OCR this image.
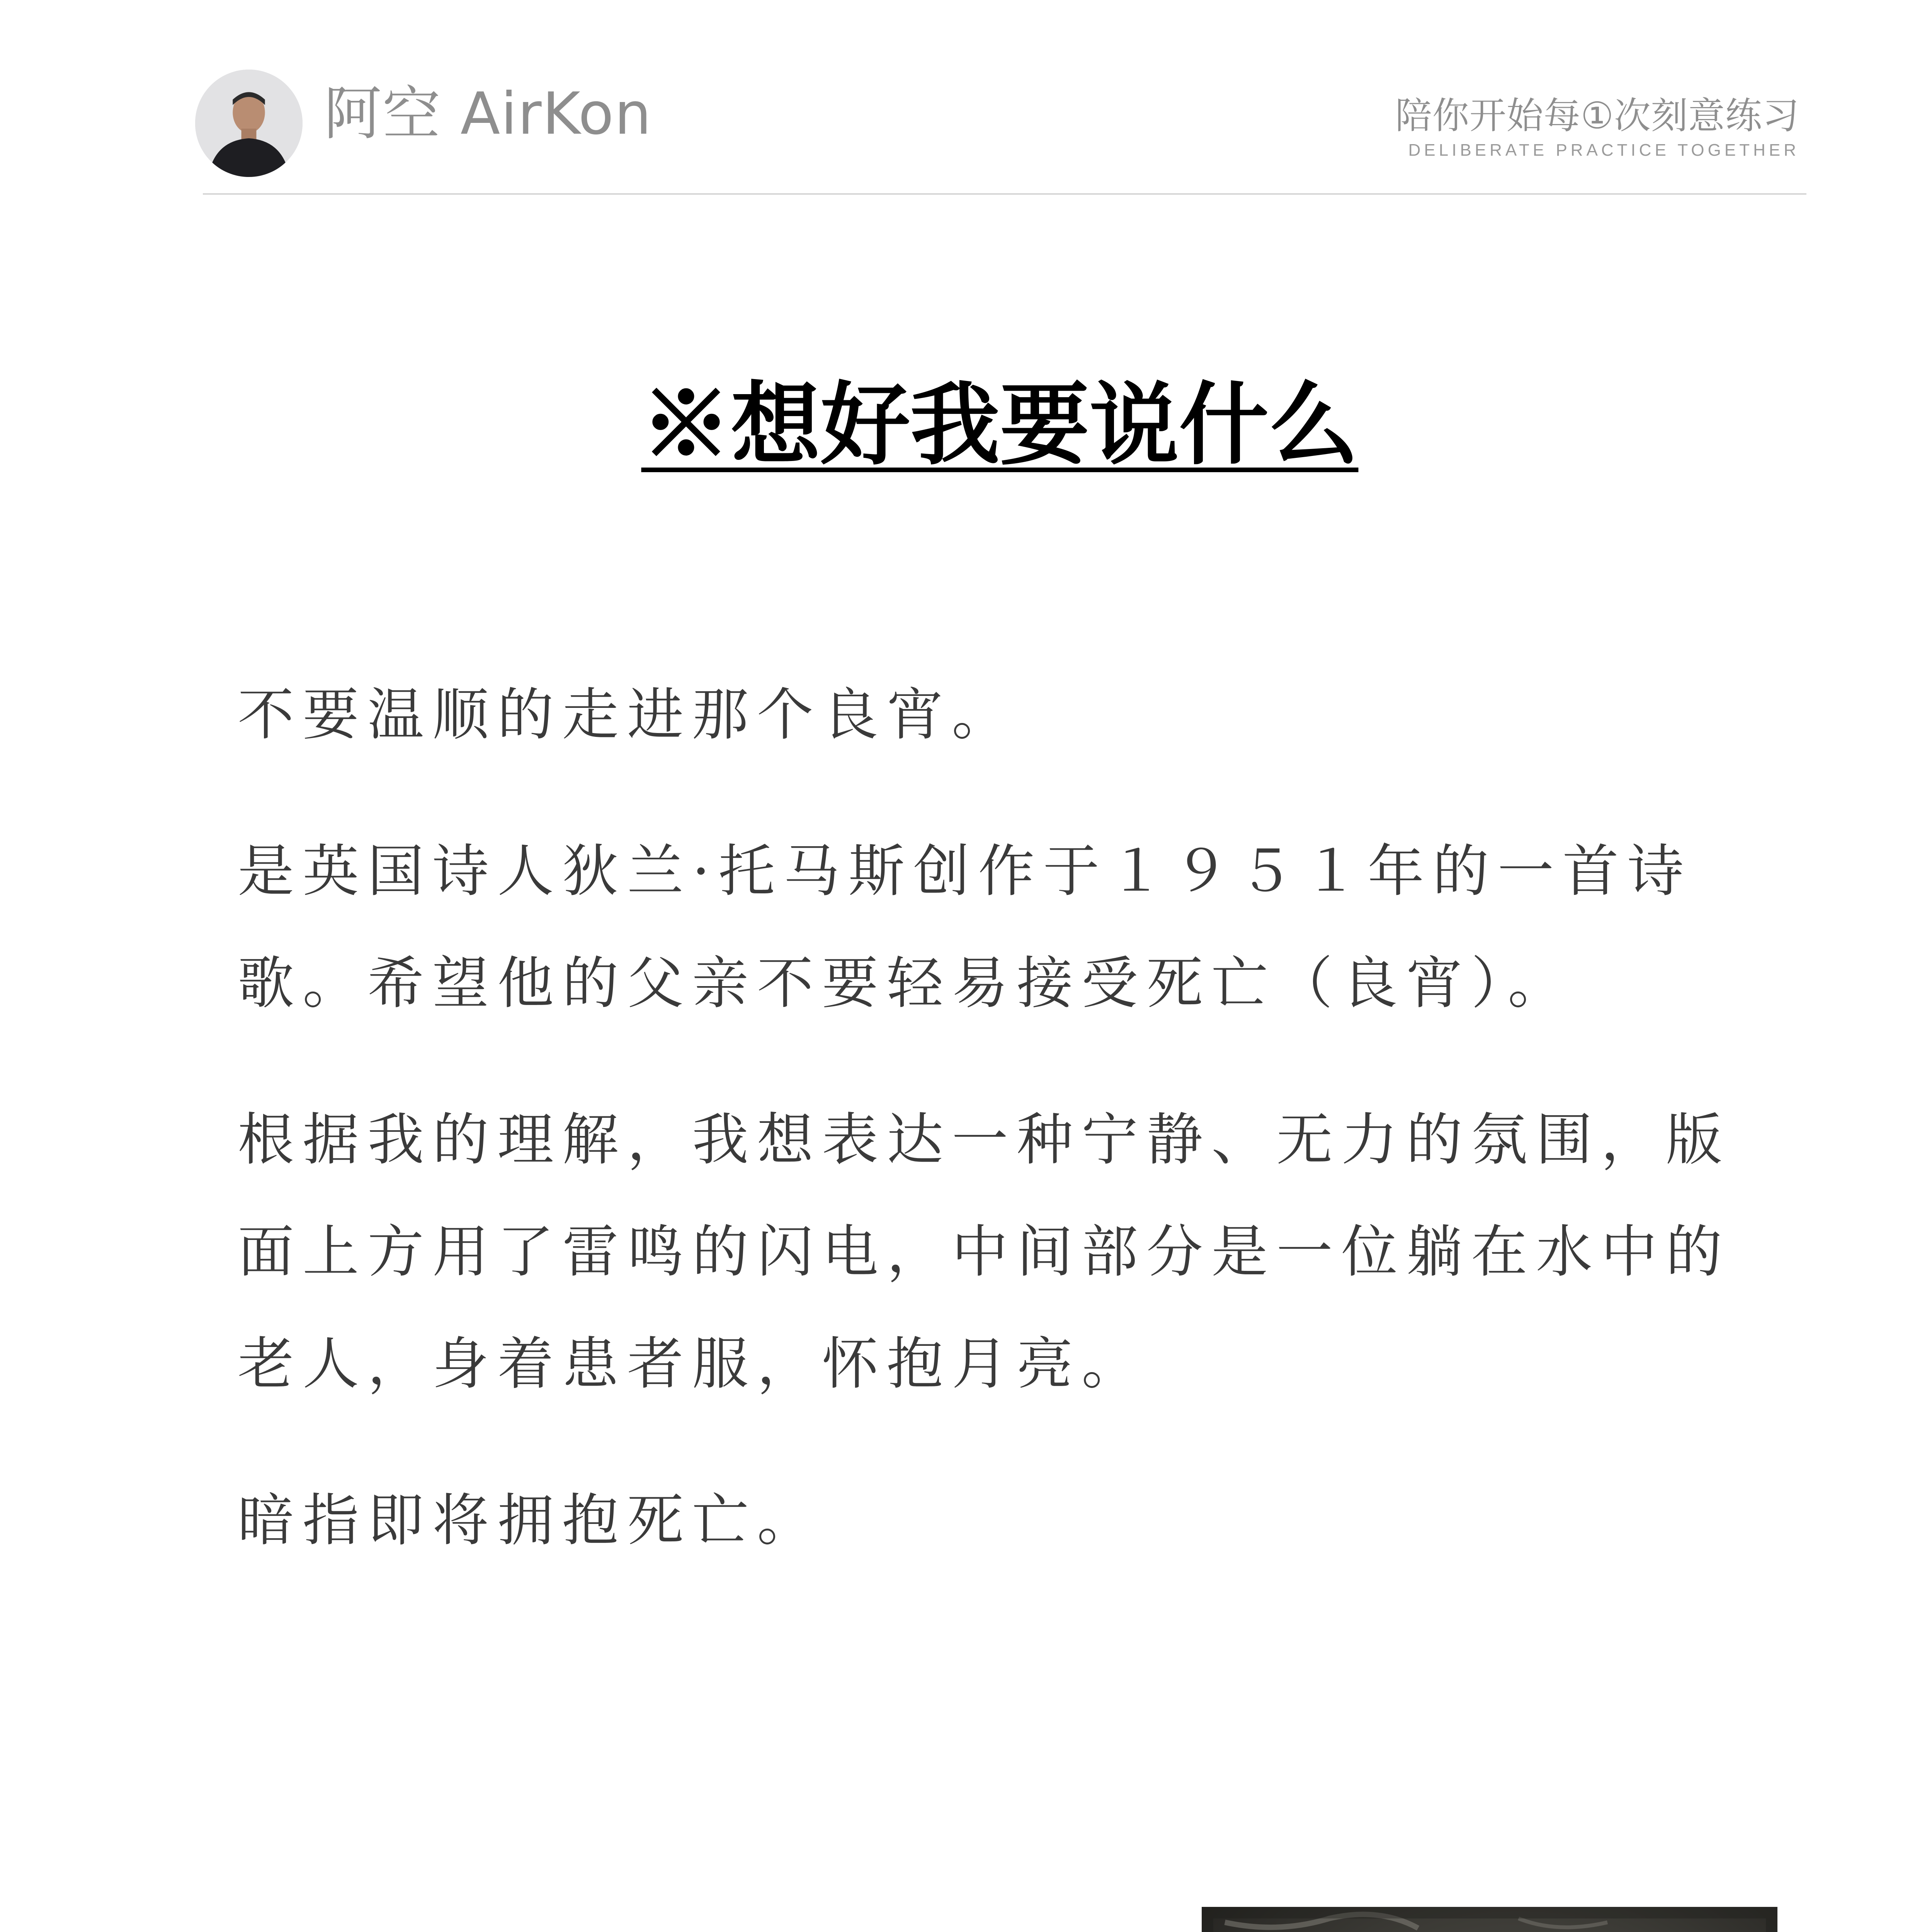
阿空 AirKon	陪你开始每①次刻意练习
DELIBERATE PRACTICE TOGETHER
※想好我要说什么

不要温顺的走进那个良宵。

是英国诗人狄兰·托马斯创作于１９５１年的一首诗歌。希望他的父亲不要轻易接受死亡（良宵）。

根据我的理解，我想表达一种宁静、无力的氛围，版面上方用了雷鸣的闪电，中间部分是一位躺在水中的老人，身着患者服，怀抱月亮。

暗指即将拥抱死亡。
